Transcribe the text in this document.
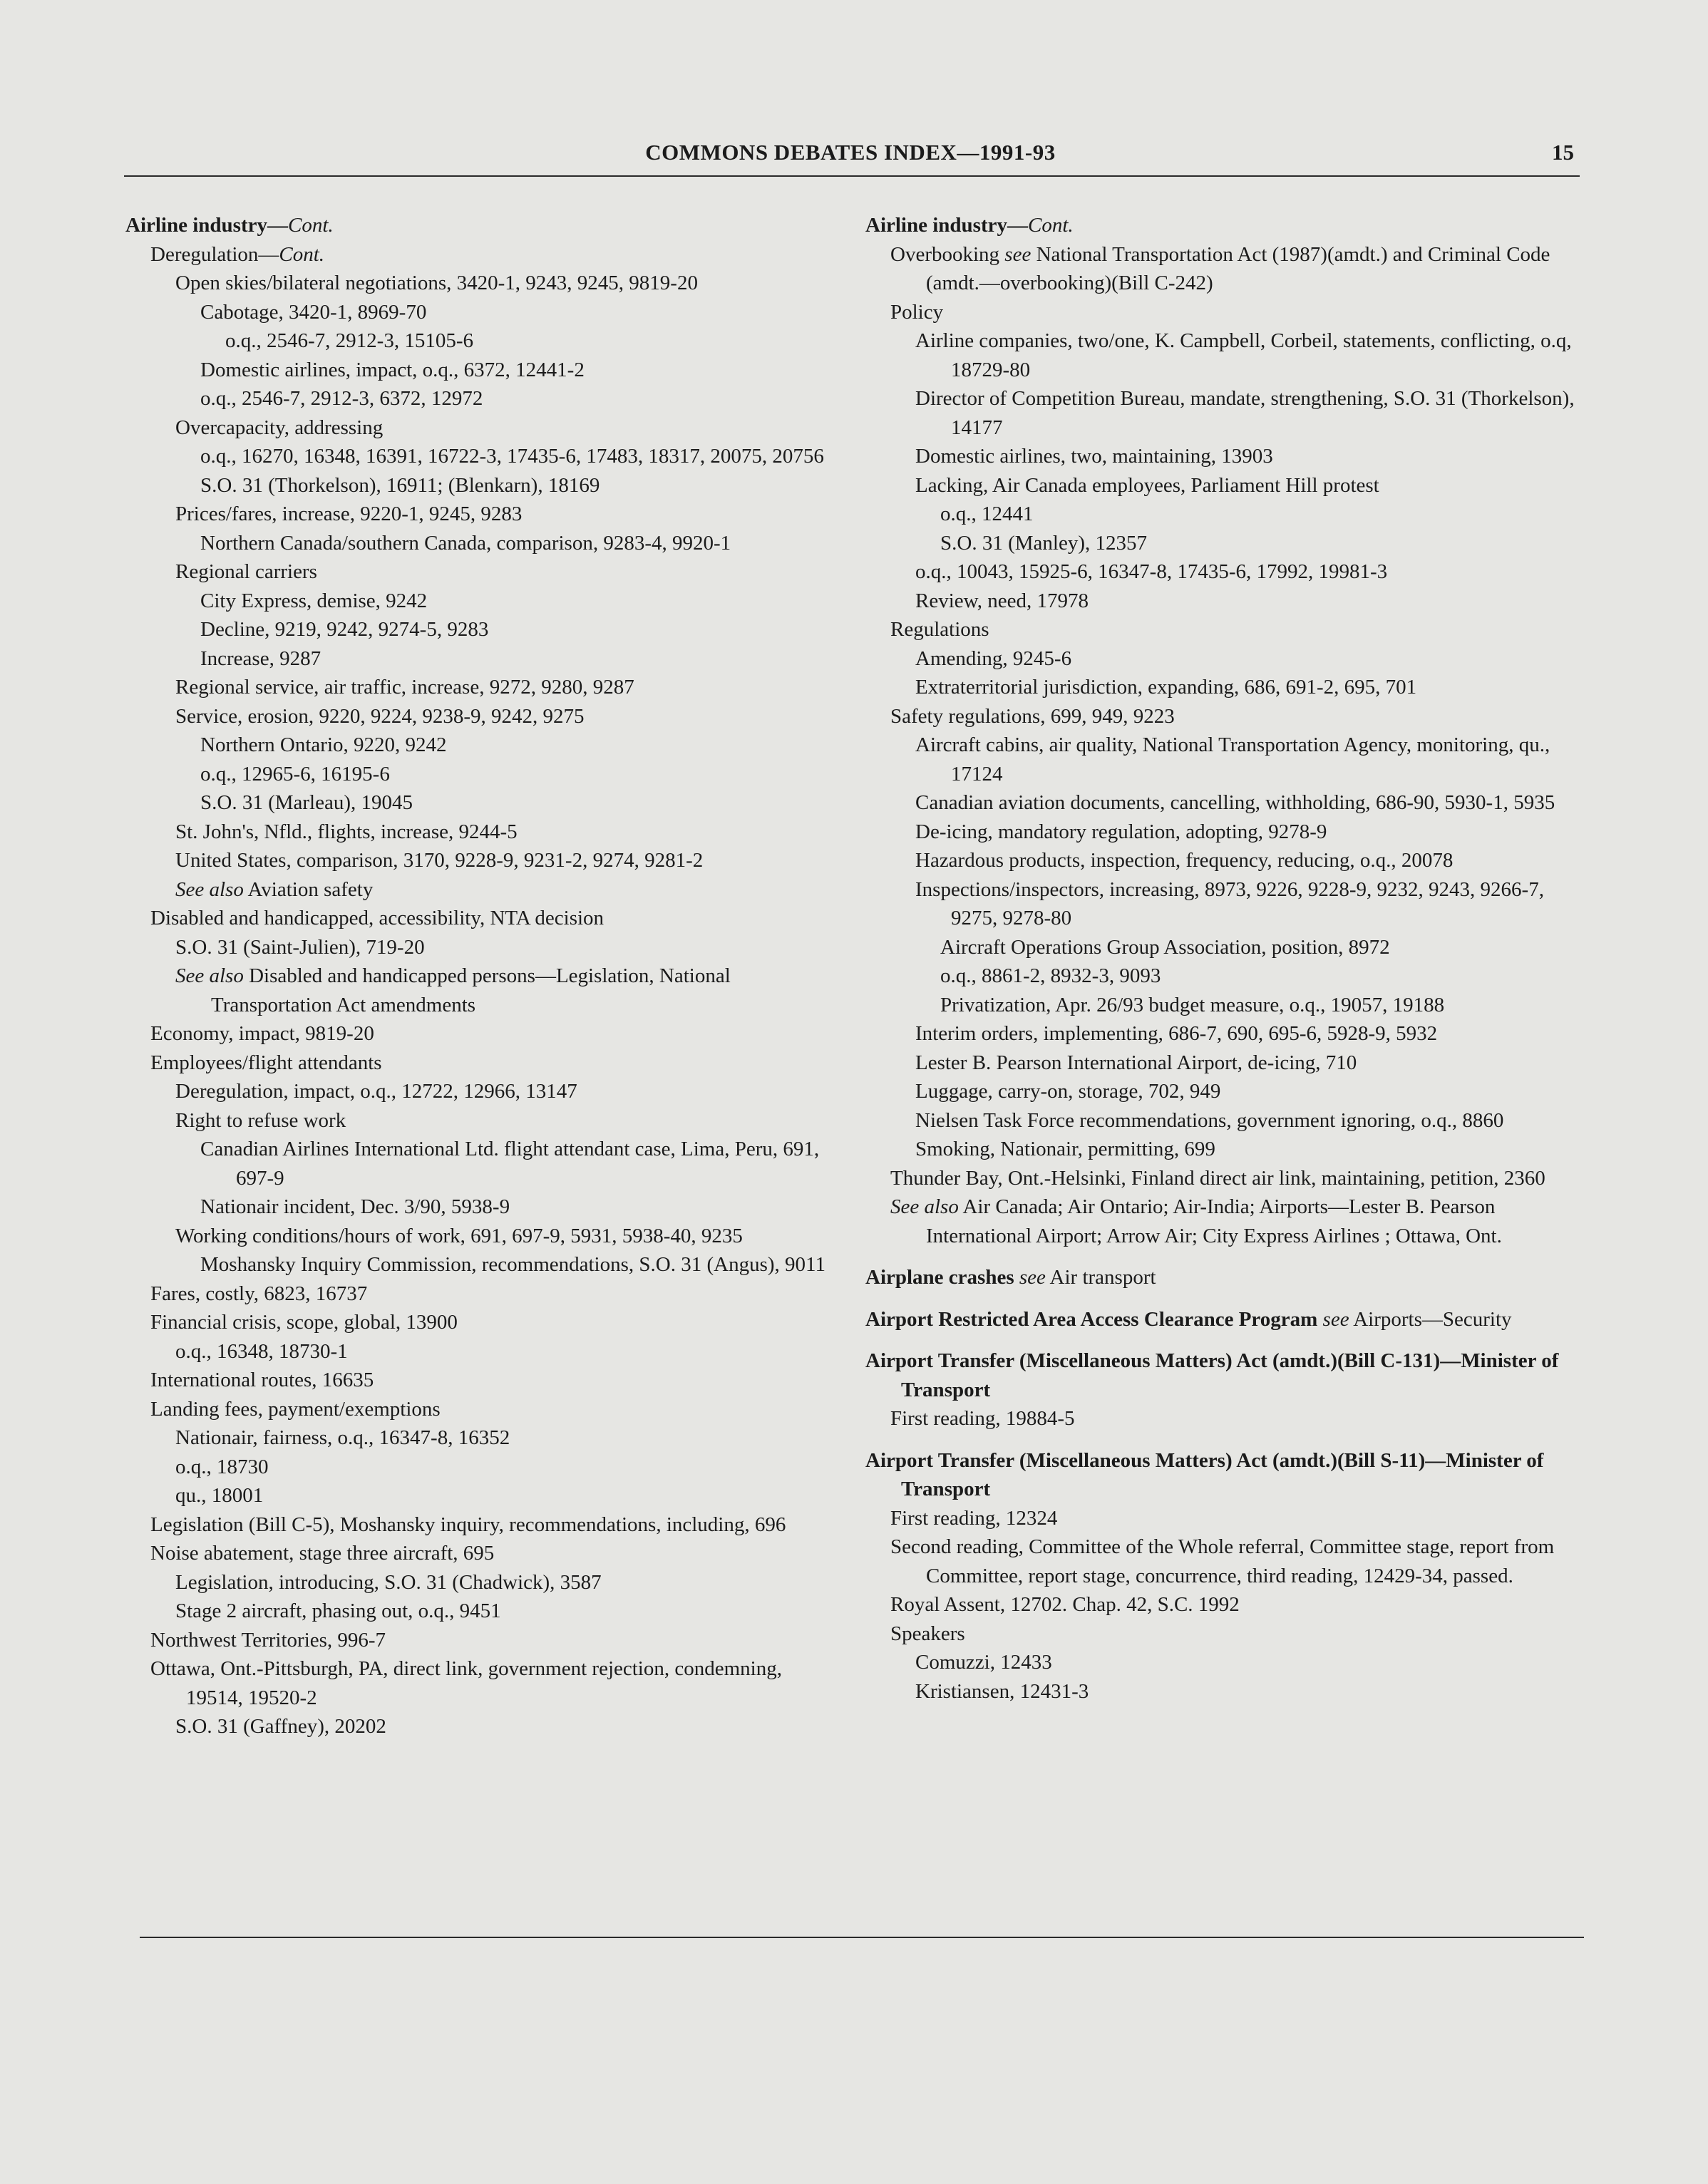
COMMONS DEBATES INDEX—1991-93	15
Airline industry—Cont.
Deregulation—Cont.
Open skies/bilateral negotiations, 3420-1, 9243, 9245, 9819-20
Cabotage, 3420-1, 8969-70
o.q., 2546-7, 2912-3, 15105-6
Domestic airlines, impact, o.q., 6372, 12441-2
o.q., 2546-7, 2912-3, 6372, 12972
Overcapacity, addressing
o.q., 16270, 16348, 16391, 16722-3, 17435-6, 17483, 18317, 20075, 20756
S.O. 31 (Thorkelson), 16911; (Blenkarn), 18169
Prices/fares, increase, 9220-1, 9245, 9283
Northern Canada/southern Canada, comparison, 9283-4, 9920-1
Regional carriers
City Express, demise, 9242
Decline, 9219, 9242, 9274-5, 9283
Increase, 9287
Regional service, air traffic, increase, 9272, 9280, 9287
Service, erosion, 9220, 9224, 9238-9, 9242, 9275
Northern Ontario, 9220, 9242
o.q., 12965-6, 16195-6
S.O. 31 (Marleau), 19045
St. John's, Nfld., flights, increase, 9244-5
United States, comparison, 3170, 9228-9, 9231-2, 9274, 9281-2
See also Aviation safety
Disabled and handicapped, accessibility, NTA decision
S.O. 31 (Saint-Julien), 719-20
See also Disabled and handicapped persons—Legislation, National Transportation Act amendments
Economy, impact, 9819-20
Employees/flight attendants
Deregulation, impact, o.q., 12722, 12966, 13147
Right to refuse work
Canadian Airlines International Ltd. flight attendant case, Lima, Peru, 691, 697-9
Nationair incident, Dec. 3/90, 5938-9
Working conditions/hours of work, 691, 697-9, 5931, 5938-40, 9235
Moshansky Inquiry Commission, recommendations, S.O. 31 (Angus), 9011
Fares, costly, 6823, 16737
Financial crisis, scope, global, 13900
o.q., 16348, 18730-1
International routes, 16635
Landing fees, payment/exemptions
Nationair, fairness, o.q., 16347-8, 16352
o.q., 18730
qu., 18001
Legislation (Bill C-5), Moshansky inquiry, recommendations, including, 696
Noise abatement, stage three aircraft, 695
Legislation, introducing, S.O. 31 (Chadwick), 3587
Stage 2 aircraft, phasing out, o.q., 9451
Northwest Territories, 996-7
Ottawa, Ont.-Pittsburgh, PA, direct link, government rejection, condemning, 19514, 19520-2
S.O. 31 (Gaffney), 20202
Airline industry—Cont.
Overbooking see National Transportation Act (1987)(amdt.) and Criminal Code (amdt.—overbooking)(Bill C-242)
Policy
Airline companies, two/one, K. Campbell, Corbeil, statements, conflicting, o.q, 18729-80
Director of Competition Bureau, mandate, strengthening, S.O. 31 (Thorkelson), 14177
Domestic airlines, two, maintaining, 13903
Lacking, Air Canada employees, Parliament Hill protest
o.q., 12441
S.O. 31 (Manley), 12357
o.q., 10043, 15925-6, 16347-8, 17435-6, 17992, 19981-3
Review, need, 17978
Regulations
Amending, 9245-6
Extraterritorial jurisdiction, expanding, 686, 691-2, 695, 701
Safety regulations, 699, 949, 9223
Aircraft cabins, air quality, National Transportation Agency, monitoring, qu., 17124
Canadian aviation documents, cancelling, withholding, 686-90, 5930-1, 5935
De-icing, mandatory regulation, adopting, 9278-9
Hazardous products, inspection, frequency, reducing, o.q., 20078
Inspections/inspectors, increasing, 8973, 9226, 9228-9, 9232, 9243, 9266-7, 9275, 9278-80
Aircraft Operations Group Association, position, 8972
o.q., 8861-2, 8932-3, 9093
Privatization, Apr. 26/93 budget measure, o.q., 19057, 19188
Interim orders, implementing, 686-7, 690, 695-6, 5928-9, 5932
Lester B. Pearson International Airport, de-icing, 710
Luggage, carry-on, storage, 702, 949
Nielsen Task Force recommendations, government ignoring, o.q., 8860
Smoking, Nationair, permitting, 699
Thunder Bay, Ont.-Helsinki, Finland direct air link, maintaining, petition, 2360
See also Air Canada; Air Ontario; Air-India; Airports—Lester B. Pearson International Airport; Arrow Air; City Express Airlines ; Ottawa, Ont.
Airplane crashes see Air transport
Airport Restricted Area Access Clearance Program see Airports—Security
Airport Transfer (Miscellaneous Matters) Act (amdt.)(Bill C-131)—Minister of Transport
First reading, 19884-5
Airport Transfer (Miscellaneous Matters) Act (amdt.)(Bill S-11)—Minister of Transport
First reading, 12324
Second reading, Committee of the Whole referral, Committee stage, report from Committee, report stage, concurrence, third reading, 12429-34, passed.
Royal Assent, 12702. Chap. 42, S.C. 1992
Speakers
Comuzzi, 12433
Kristiansen, 12431-3
